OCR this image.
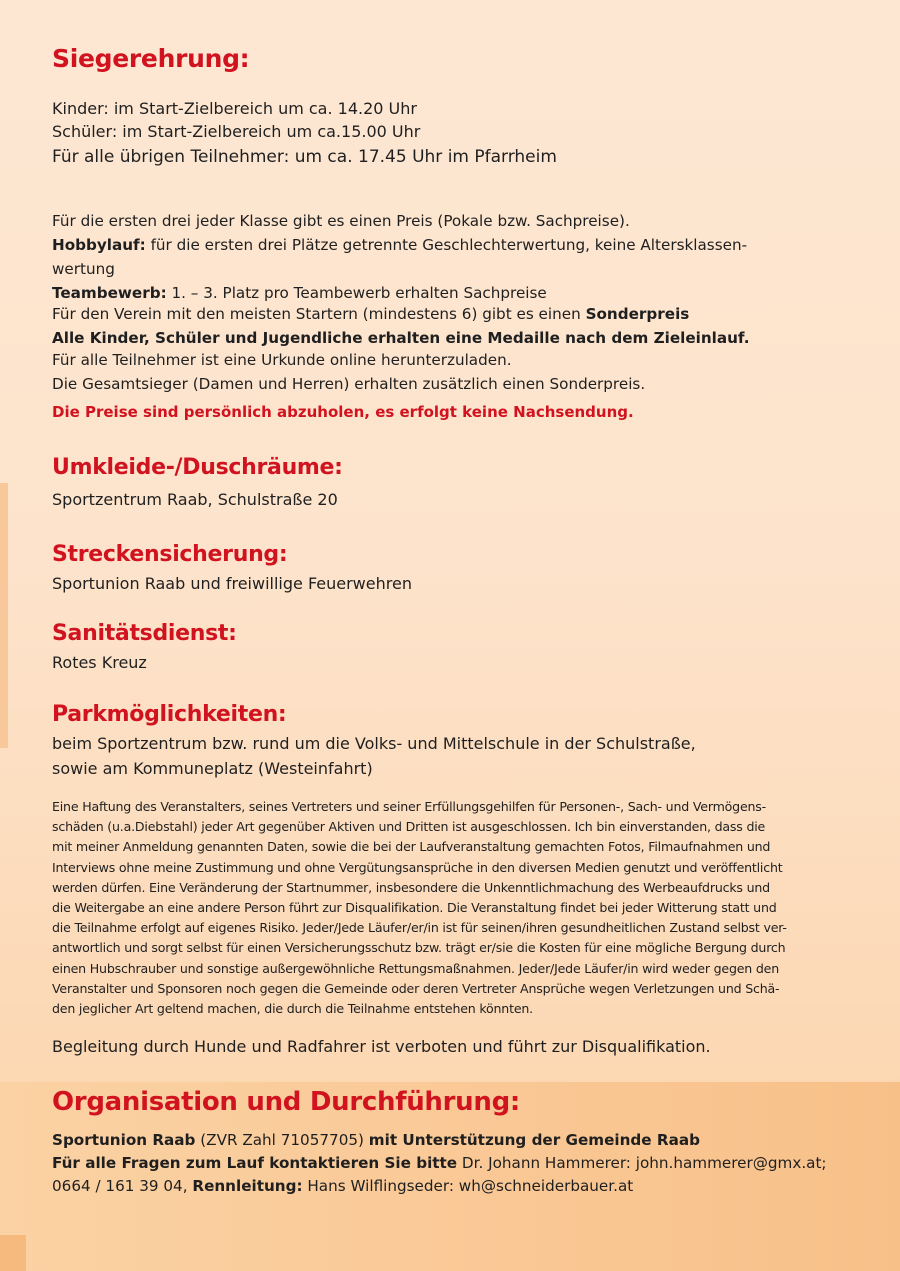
Siegerehrung:

Kinder: im Start-Zielbereich um ca. 14.20 Uhr

Schüler: im Start-Zielbereich um ca.15.00 Uhr

Für alle übrigen Teilnehmer: um ca. 17.45 Uhr im Pfarrheim

Für die ersten drei jeder Klasse gibt es einen Preis (Pokale bzw. Sachpreise).

Hobbylauf: für die ersten drei Plätze getrennte Geschlechterwertung, keine Altersklassen-

wertung

Teambewerb: 1. – 3. Platz pro Teambewerb erhalten Sachpreise

Für den Verein mit den meisten Startern (mindestens 6) gibt es einen Sonderpreis

Alle Kinder, Schüler und Jugendliche erhalten eine Medaille nach dem Zieleinlauf.

Für alle Teilnehmer ist eine Urkunde online herunterzuladen.

Die Gesamtsieger (Damen und Herren) erhalten zusätzlich einen Sonderpreis.

Die Preise sind persönlich abzuholen, es erfolgt keine Nachsendung.

Umkleide-/Duschräume:

Sportzentrum Raab, Schulstraße 20

Streckensicherung:

Sportunion Raab und freiwillige Feuerwehren

Sanitätsdienst:

Rotes Kreuz

Parkmöglichkeiten:

beim Sportzentrum bzw. rund um die Volks- und Mittelschule in der Schulstraße,

sowie am Kommuneplatz (Westeinfahrt)

Eine Haftung des Veranstalters, seines Vertreters und seiner Erfüllungsgehilfen für Personen-, Sach- und Vermögens-

schäden (u.a.Diebstahl) jeder Art gegenüber Aktiven und Dritten ist ausgeschlossen. Ich bin einverstanden, dass die

mit meiner Anmeldung genannten Daten, sowie die bei der Laufveranstaltung gemachten Fotos, Filmaufnahmen und

Interviews ohne meine Zustimmung und ohne Vergütungsansprüche in den diversen Medien genutzt und veröffentlicht

werden dürfen. Eine Veränderung der Startnummer, insbesondere die Unkenntlichmachung des Werbeaufdrucks und

die Weitergabe an eine andere Person führt zur Disqualifikation. Die Veranstaltung findet bei jeder Witterung statt und

die Teilnahme erfolgt auf eigenes Risiko. Jeder/Jede Läufer/er/in ist für seinen/ihren gesundheitlichen Zustand selbst ver-

antwortlich und sorgt selbst für einen Versicherungsschutz bzw. trägt er/sie die Kosten für eine mögliche Bergung durch

einen Hubschrauber und sonstige außergewöhnliche Rettungsmaßnahmen. Jeder/Jede Läufer/in wird weder gegen den

Veranstalter und Sponsoren noch gegen die Gemeinde oder deren Vertreter Ansprüche wegen Verletzungen und Schä-

den jeglicher Art geltend machen, die durch die Teilnahme entstehen könnten.

Begleitung durch Hunde und Radfahrer ist verboten und führt zur Disqualifikation.

Organisation und Durchführung:

Sportunion Raab (ZVR Zahl 71057705) mit Unterstützung der Gemeinde Raab

Für alle Fragen zum Lauf kontaktieren Sie bitte Dr. Johann Hammerer: john.hammerer@gmx.at;

0664 / 161 39 04, Rennleitung: Hans Wilflingseder: wh@schneiderbauer.at
